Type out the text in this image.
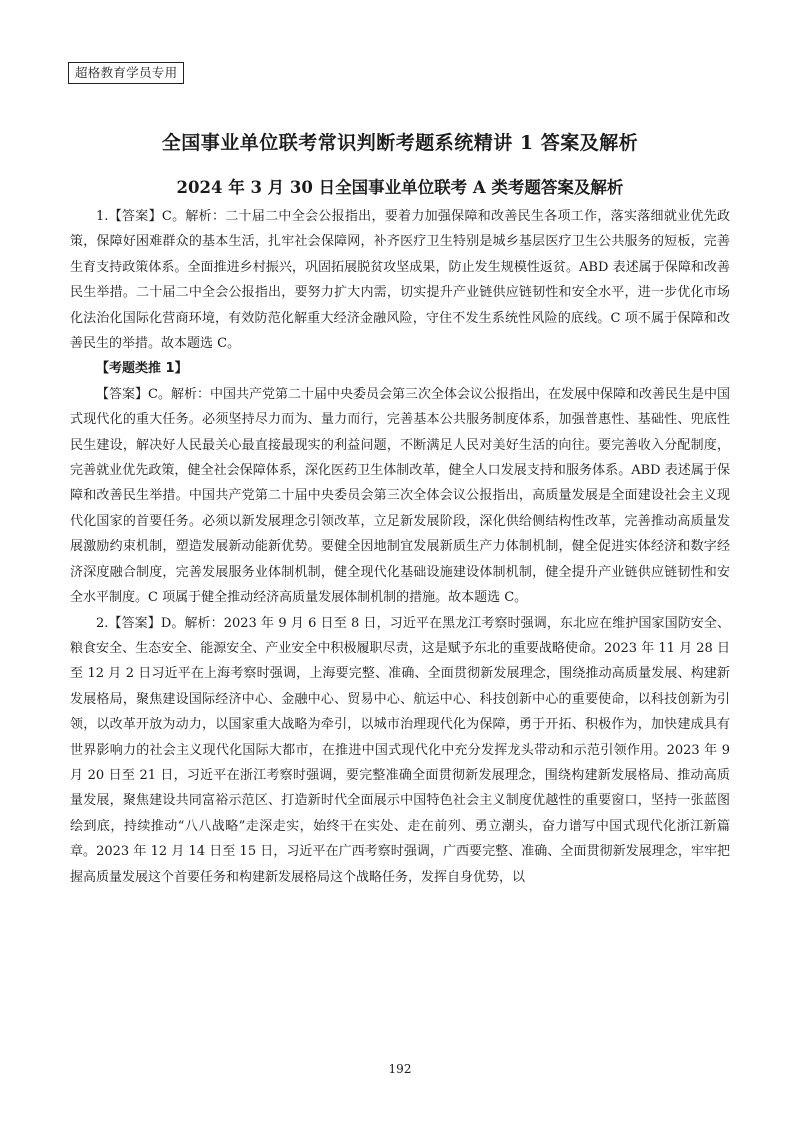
超格教育学员专用
全国事业单位联考常识判断考题系统精讲 1 答案及解析
2024 年 3 月 30 日全国事业单位联考 A 类考题答案及解析

1.【答案】C。解析：二十届二中全会公报指出，要着力加强保障和改善民生各项工作，落实落细就业优先政策，保障好困难群众的基本生活，扎牢社会保障网，补齐医疗卫生特别是城乡基层医疗卫生公共服务的短板，完善生育支持政策体系。全面推进乡村振兴，巩固拓展脱贫攻坚成果，防止发生规模性返贫。ABD 表述属于保障和改善民生举措。二十届二中全会公报指出，要努力扩大内需，切实提升产业链供应链韧性和安全水平，进一步优化市场化法治化国际化营商环境，有效防范化解重大经济金融风险，守住不发生系统性风险的底线。C 项不属于保障和改善民生的举措。故本题选 C。

【考题类推 1】

【答案】C。解析：中国共产党第二十届中央委员会第三次全体会议公报指出，在发展中保障和改善民生是中国式现代化的重大任务。必须坚持尽力而为、量力而行，完善基本公共服务制度体系，加强普惠性、基础性、兜底性民生建设，解决好人民最关心最直接最现实的利益问题，不断满足人民对美好生活的向往。要完善收入分配制度，完善就业优先政策，健全社会保障体系，深化医药卫生体制改革，健全人口发展支持和服务体系。ABD 表述属于保障和改善民生举措。中国共产党第二十届中央委员会第三次全体会议公报指出，高质量发展是全面建设社会主义现代化国家的首要任务。必须以新发展理念引领改革，立足新发展阶段，深化供给侧结构性改革，完善推动高质量发展激励约束机制，塑造发展新动能新优势。要健全因地制宜发展新质生产力体制机制，健全促进实体经济和数字经济深度融合制度，完善发展服务业体制机制，健全现代化基础设施建设体制机制，健全提升产业链供应链韧性和安全水平制度。C 项属于健全推动经济高质量发展体制机制的措施。故本题选 C。

2.【答案】D。解析：2023 年 9 月 6 日至 8 日，习近平在黑龙江考察时强调，东北应在维护国家国防安全、粮食安全、生态安全、能源安全、产业安全中积极履职尽责，这是赋予东北的重要战略使命。2023 年 11 月 28 日至 12 月 2 日习近平在上海考察时强调，上海要完整、准确、全面贯彻新发展理念，围绕推动高质量发展、构建新发展格局，聚焦建设国际经济中心、金融中心、贸易中心、航运中心、科技创新中心的重要使命，以科技创新为引领，以改革开放为动力，以国家重大战略为牵引，以城市治理现代化为保障，勇于开拓、积极作为，加快建成具有世界影响力的社会主义现代化国际大都市，在推进中国式现代化中充分发挥龙头带动和示范引领作用。2023 年 9 月 20 日至 21 日，习近平在浙江考察时强调，要完整准确全面贯彻新发展理念，围绕构建新发展格局、推动高质量发展，聚焦建设共同富裕示范区、打造新时代全面展示中国特色社会主义制度优越性的重要窗口，坚持一张蓝图绘到底，持续推动“八八战略”走深走实，始终干在实处、走在前列、勇立潮头，奋力谱写中国式现代化浙江新篇章。2023 年 12 月 14 日至 15 日，习近平在广西考察时强调，广西要完整、准确、全面贯彻新发展理念，牢牢把握高质量发展这个首要任务和构建新发展格局这个战略任务，发挥自身优势，以

192
